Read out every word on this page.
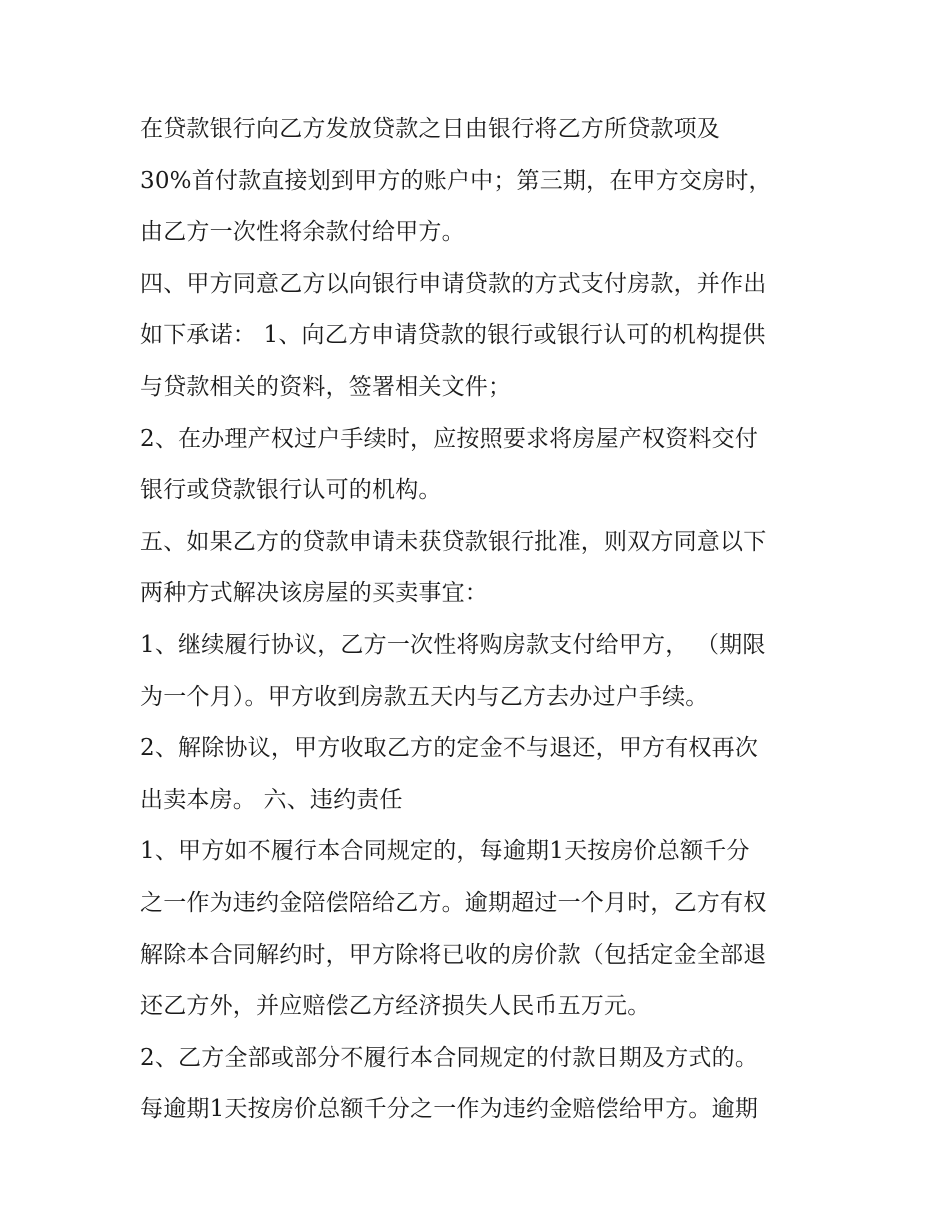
在贷款银行向乙方发放贷款之日由银行将乙方所贷款项及
30%首付款直接划到甲方的账户中；第三期，在甲方交房时，
由乙方一次性将余款付给甲方。
四、甲方同意乙方以向银行申请贷款的方式支付房款，并作出
如下承诺： 1、向乙方申请贷款的银行或银行认可的机构提供
与贷款相关的资料，签署相关文件；
2、在办理产权过户手续时，应按照要求将房屋产权资料交付
银行或贷款银行认可的机构。
五、如果乙方的贷款申请未获贷款银行批准，则双方同意以下
两种方式解决该房屋的买卖事宜：
1、继续履行协议，乙方一次性将购房款支付给甲方， （期限
为一个月）。甲方收到房款五天内与乙方去办过户手续。
2、解除协议，甲方收取乙方的定金不与退还，甲方有权再次
出卖本房。 六、违约责任
1、甲方如不履行本合同规定的，每逾期1天按房价总额千分
之一作为违约金陪偿陪给乙方。逾期超过一个月时，乙方有权
解除本合同解约时，甲方除将已收的房价款（包括定金全部退
还乙方外，并应赔偿乙方经济损失人民币五万元。
2、乙方全部或部分不履行本合同规定的付款日期及方式的。
每逾期1天按房价总额千分之一作为违约金赔偿给甲方。逾期
